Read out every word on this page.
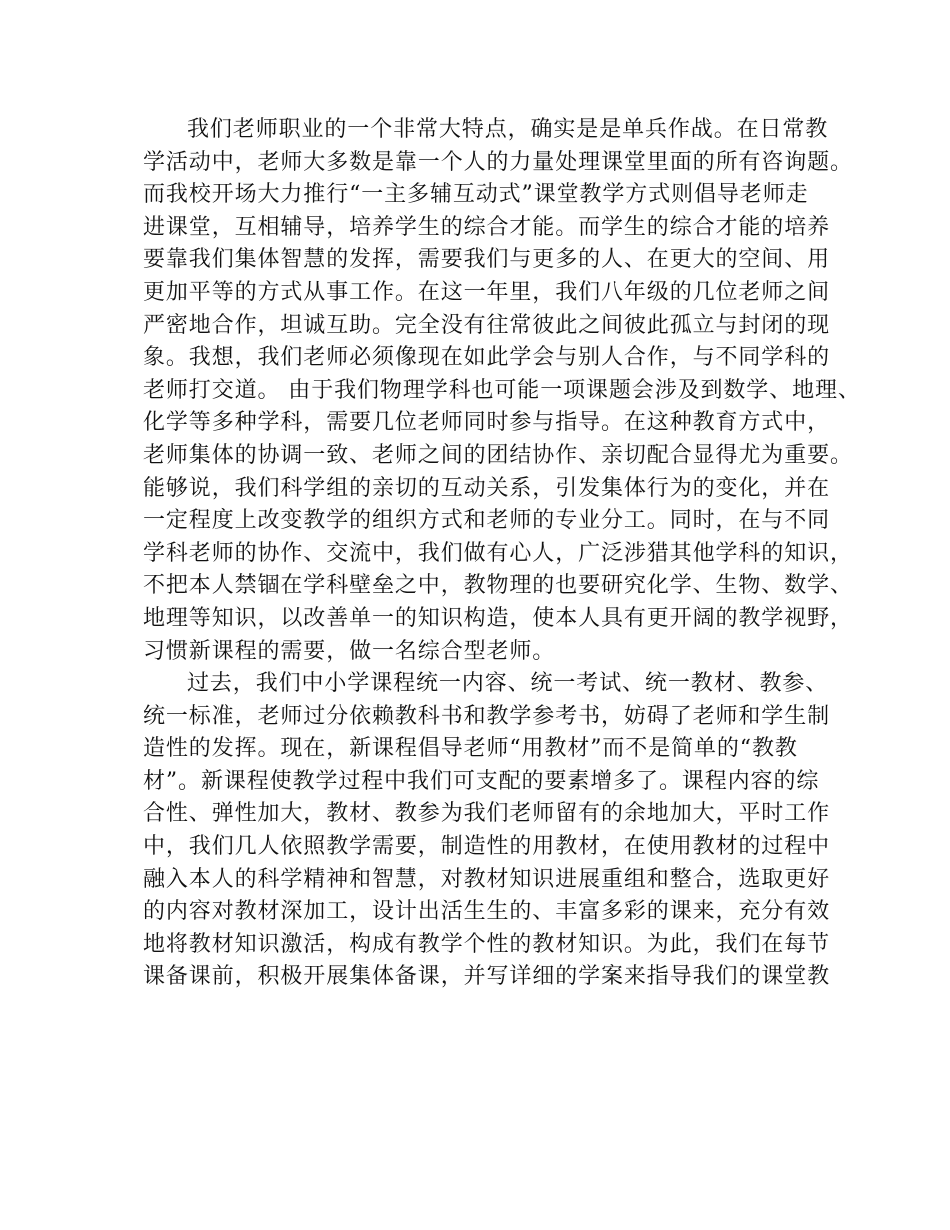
我们老师职业的一个非常大特点，确实是是单兵作战。在日常教
学活动中，老师大多数是靠一个人的力量处理课堂里面的所有咨询题。
而我校开场大力推行“一主多辅互动式”课堂教学方式则倡导老师走
进课堂，互相辅导，培养学生的综合才能。而学生的综合才能的培养
要靠我们集体智慧的发挥，需要我们与更多的人、在更大的空间、用
更加平等的方式从事工作。在这一年里，我们八年级的几位老师之间
严密地合作，坦诚互助。完全没有往常彼此之间彼此孤立与封闭的现
象。我想，我们老师必须像现在如此学会与别人合作，与不同学科的
老师打交道。 由于我们物理学科也可能一项课题会涉及到数学、地理、
化学等多种学科，需要几位老师同时参与指导。在这种教育方式中，
老师集体的协调一致、老师之间的团结协作、亲切配合显得尤为重要。
能够说，我们科学组的亲切的互动关系，引发集体行为的变化，并在
一定程度上改变教学的组织方式和老师的专业分工。同时，在与不同
学科老师的协作、交流中，我们做有心人，广泛涉猎其他学科的知识，
不把本人禁锢在学科壁垒之中，教物理的也要研究化学、生物、数学、
地理等知识，以改善单一的知识构造，使本人具有更开阔的教学视野，
习惯新课程的需要，做一名综合型老师。
过去，我们中小学课程统一内容、统一考试、统一教材、教参、
统一标准，老师过分依赖教科书和教学参考书，妨碍了老师和学生制
造性的发挥。现在，新课程倡导老师“用教材”而不是简单的“教教
材”。新课程使教学过程中我们可支配的要素增多了。课程内容的综
合性、弹性加大，教材、教参为我们老师留有的余地加大，平时工作
中，我们几人依照教学需要，制造性的用教材，在使用教材的过程中
融入本人的科学精神和智慧，对教材知识进展重组和整合，选取更好
的内容对教材深加工，设计出活生生的、丰富多彩的课来，充分有效
地将教材知识激活，构成有教学个性的教材知识。为此，我们在每节
课备课前，积极开展集体备课，并写详细的学案来指导我们的课堂教
